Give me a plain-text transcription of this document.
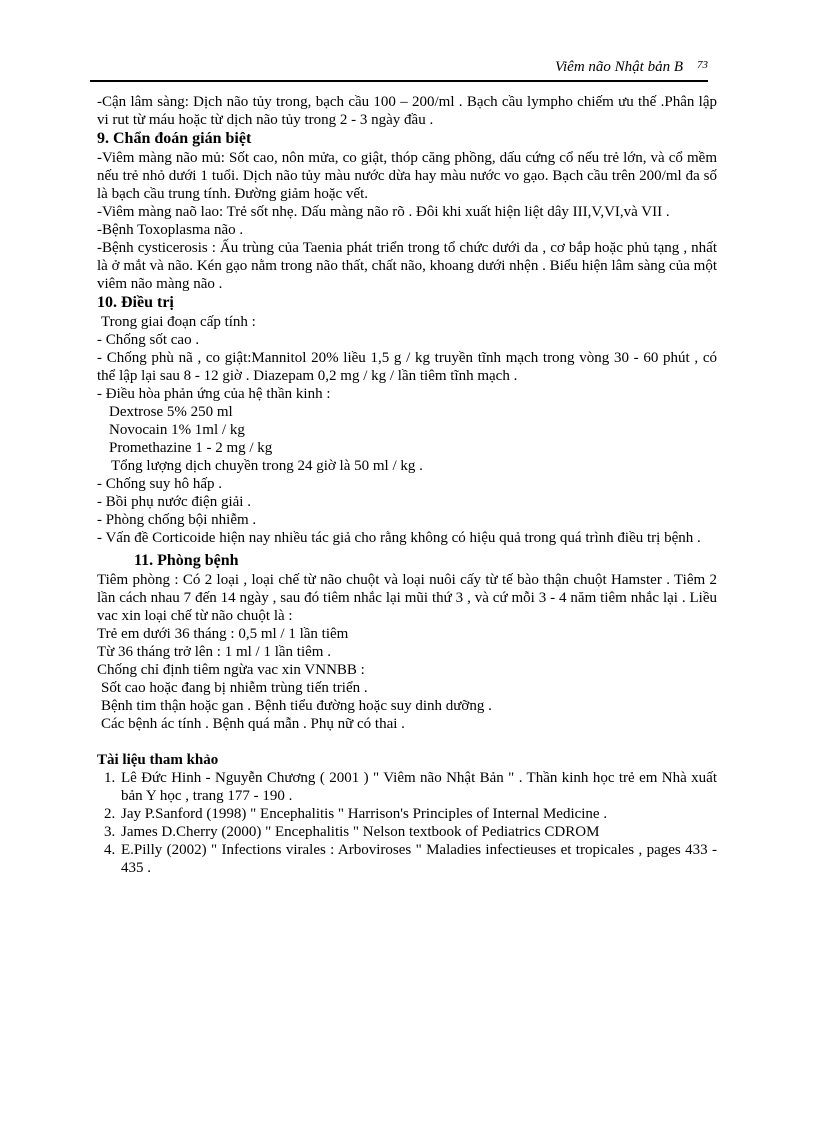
Viêm não Nhật bản B $^{73}$

-Cận lâm sàng: Dịch não tủy trong, bạch cầu 100 – 200/ml . Bạch cầu lympho chiếm ưu thế .Phân lập vi rut từ máu hoặc từ dịch não tủy trong 2 - 3 ngày đầu .

9. Chẩn đoán gián biệt

-Viêm màng não mủ: Sốt cao, nôn mửa, co giật, thóp căng phồng, dấu cứng cổ nếu trẻ lớn, và cổ mềm nếu trẻ nhỏ dưới 1 tuổi. Dịch não tủy màu nước dừa hay màu nước vo gạo. Bạch cầu trên 200/ml đa số là bạch cầu trung tính. Đường giảm hoặc vết.

-Viêm màng naõ lao: Trẻ sốt nhẹ. Dấu màng não rõ . Đôi khi xuất hiện liệt dây III,V,VI,và VII .

-Bệnh Toxoplasma não .

-Bệnh cysticerosis : Ấu trùng của Taenia phát triển trong tổ chức dưới da , cơ bắp hoặc phủ tạng , nhất là ở mắt và não. Kén gạo nằm trong não thất, chất não, khoang dưới nhện . Biểu hiện lâm sàng của một viêm não màng não .

10. Điều trị

Trong giai đoạn cấp tính :

- Chống sốt cao .

- Chống phù nã , co giật:Mannitol 20% liều 1,5 g / kg truyền tĩnh mạch trong vòng 30 - 60 phút , có thể lập lại sau 8 - 12 giờ . Diazepam 0,2 mg / kg / lần tiêm tĩnh mạch .

- Điều hòa phản ứng của hệ thần kinh :

Dextrose 5% 250 ml

Novocain 1% 1ml / kg

Promethazine 1 - 2 mg / kg

Tổng lượng dịch chuyền trong 24 giờ là 50 ml / kg .

- Chống suy hô hấp .

- Bồi phụ nước điện giải .

- Phòng chống bội nhiễm .

- Vấn đề Corticoide hiện nay nhiều tác giả cho rằng không có hiệu quả trong quá trình điều trị bệnh .

11. Phòng bệnh

Tiêm phòng : Có 2 loại , loại chế từ não chuột và loại nuôi cấy từ tế bào thận chuột Hamster . Tiêm 2 lần cách nhau 7 đến 14 ngày , sau đó tiêm nhắc lại mũi thứ 3 , và cứ mỗi 3 - 4 năm tiêm nhắc lại . Liều vac xin loại chế từ não chuột là :

Trẻ em dưới 36 tháng : 0,5 ml / 1 lần tiêm

Từ 36 tháng trở lên : 1 ml / 1 lần tiêm .

Chống chỉ định tiêm ngừa vac xin VNNBB :

Sốt cao hoặc đang bị nhiễm trùng tiến triển .

Bệnh tim thận hoặc gan . Bệnh tiểu đường hoặc suy dinh dưỡng .

Các bệnh ác tính . Bệnh quá mẫn . Phụ nữ có thai .

Tài liệu tham khảo

1. Lê Đức Hinh - Nguyễn Chương ( 2001 ) " Viêm não Nhật Bản " . Thần kinh học trẻ em Nhà xuất bản Y học , trang 177 - 190 .
2. Jay P.Sanford (1998) " Encephalitis " Harrison's Principles of Internal Medicine .
3. James D.Cherry (2000) " Encephalitis " Nelson textbook of Pediatrics CDROM
4. E.Pilly (2002) " Infections virales : Arboviroses " Maladies infectieuses et tropicales , pages 433 - 435 .
